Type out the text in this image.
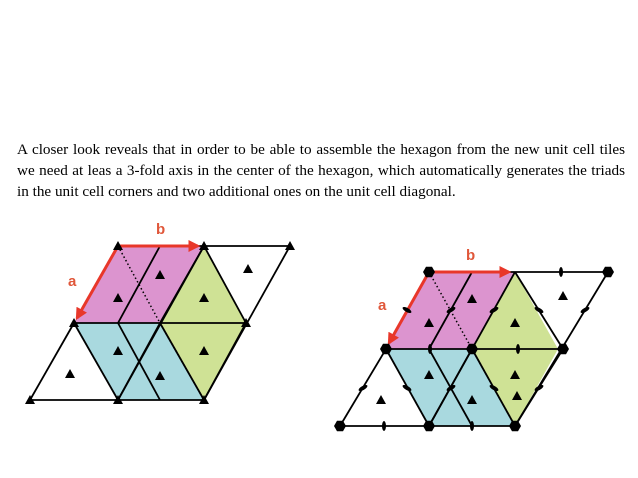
A closer look reveals that in order to be able to assemble the hexagon from the new unit cell tiles we need at leas a 3-fold axis in the center of the hexagon, which automatically generates the triads in the unit cell corners and two additional ones on the unit cell diagonal.

b
a
b
a
